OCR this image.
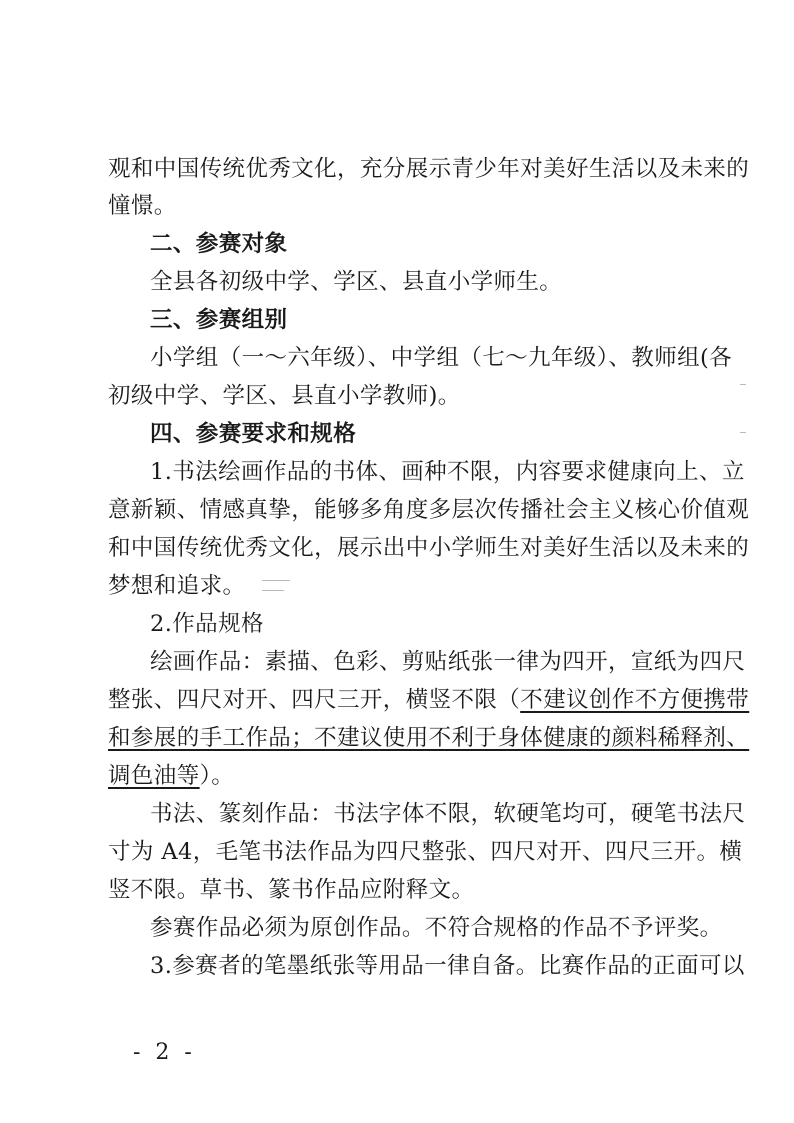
观和中国传统优秀文化，充分展示青少年对美好生活以及未来的
憧憬。
二、参赛对象
全县各初级中学、学区、县直小学师生。
三、参赛组别
小学组（一～六年级）、中学组（七～九年级）、教师组(各
初级中学、学区、县直小学教师)。
四、参赛要求和规格
1.书法绘画作品的书体、画种不限，内容要求健康向上、立
意新颖、情感真挚，能够多角度多层次传播社会主义核心价值观
和中国传统优秀文化，展示出中小学师生对美好生活以及未来的
梦想和追求。
2.作品规格
绘画作品：素描、色彩、剪贴纸张一律为四开，宣纸为四尺
整张、四尺对开、四尺三开，横竖不限（不建议创作不方便携带
和参展的手工作品；不建议使用不利于身体健康的颜料稀释剂、
调色油等）。
书法、篆刻作品：书法字体不限，软硬笔均可，硬笔书法尺
寸为 A4，毛笔书法作品为四尺整张、四尺对开、四尺三开。横
竖不限。草书、篆书作品应附释文。
参赛作品必须为原创作品。不符合规格的作品不予评奖。
3.参赛者的笔墨纸张等用品一律自备。比赛作品的正面可以
- 2 -
